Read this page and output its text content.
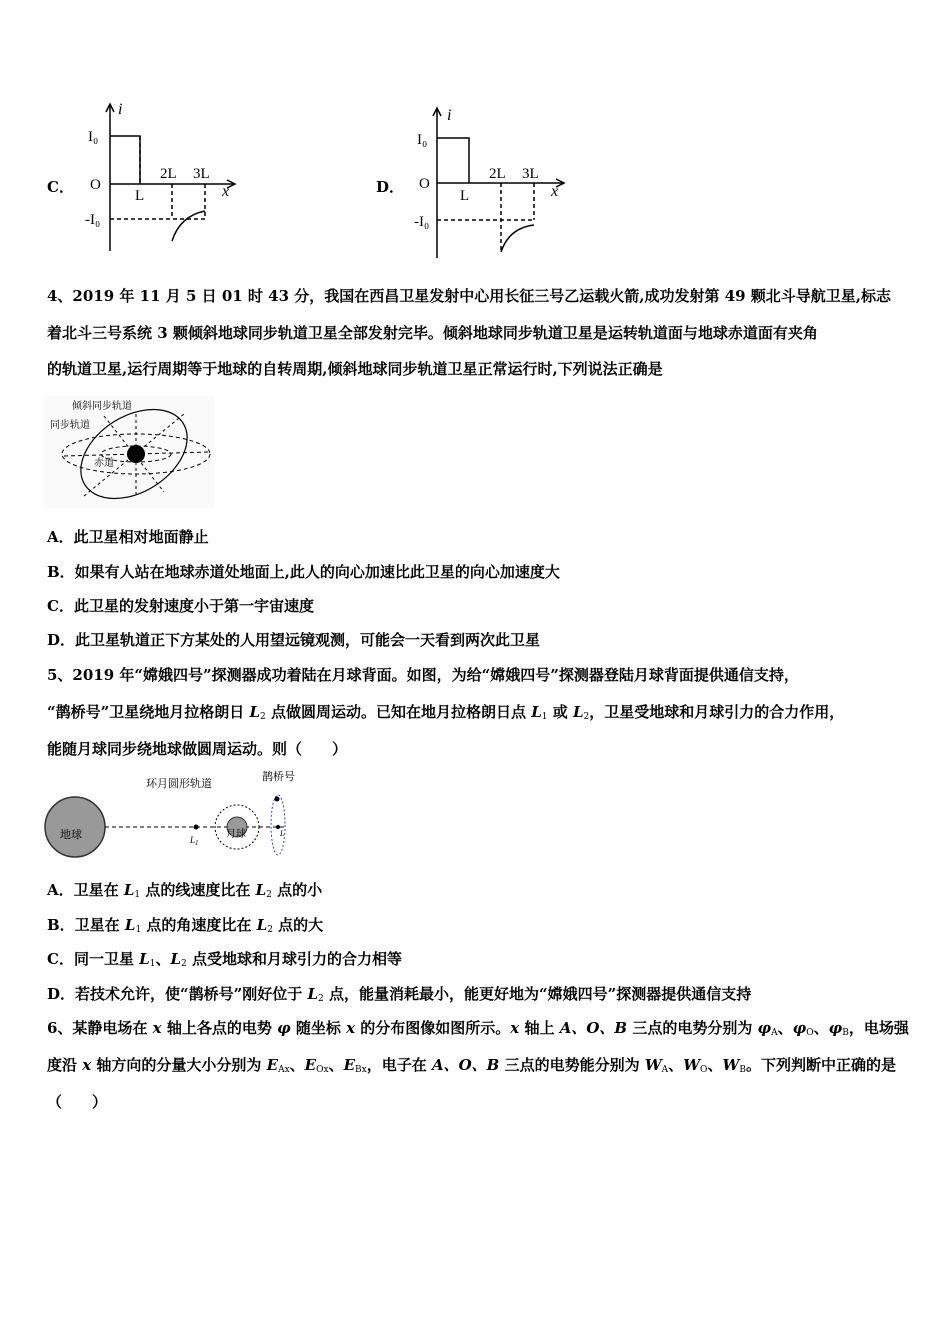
C．
i
I₀
O
L
2L 3L
x
-I₀
D．
i
I₀
O
L
2L 3L
x
-I₀
4、2019 年 11 月 5 日 01 时 43 分，我国在西昌卫星发射中心用长征三号乙运载火箭,成功发射第 49 颗北斗导航卫星,标志
着北斗三号系统 3 颗倾斜地球同步轨道卫星全部发射完毕。倾斜地球同步轨道卫星是运转轨道面与地球赤道面有夹角
的轨道卫星,运行周期等于地球的自转周期,倾斜地球同步轨道卫星正常运行时,下列说法正确是
倾斜同步轨道
同步轨道
赤道
A．此卫星相对地面静止
B．如果有人站在地球赤道处地面上,此人的向心加速比此卫星的向心加速度大
C．此卫星的发射速度小于第一宇宙速度
D．此卫星轨道正下方某处的人用望远镜观测，可能会一天看到两次此卫星
5、2019 年“嫦娥四号”探测器成功着陆在月球背面。如图，为给“嫦娥四号”探测器登陆月球背面提供通信支持，
“鹊桥号”卫星绕地月拉格朗日 $L_2$ 点做圆周运动。已知在地月拉格朗日点 $L_1$ 或 $L_2$，卫星受地球和月球引力的合力作用，
能随月球同步绕地球做圆周运动。则（　　）
地球	月球
环月圆形轨道
鹊桥号
$L_1$
L
A．卫星在 $L_1$ 点的线速度比在 $L_2$ 点的小
B．卫星在 $L_1$ 点的角速度比在 $L_2$ 点的大
C．同一卫星 $L_1$、$L_2$ 点受地球和月球引力的合力相等
D．若技术允许，使“鹊桥号”刚好位于 $L_2$ 点，能量消耗最小，能更好地为“嫦娥四号”探测器提供通信支持
6、某静电场在 x 轴上各点的电势 φ 随坐标 x 的分布图像如图所示。x 轴上 A、O、B 三点的电势分别为 $\varphi_A$、$\varphi_O$、$\varphi_B$，电场强
度沿 x 轴方向的分量大小分别为 $E_{Ax}$、$E_{Ox}$、$E_{Bx}$，电子在 A、O、B 三点的电势能分别为 $W_A$、$W_O$、$W_B$。下列判断中正确的是
（　　）
